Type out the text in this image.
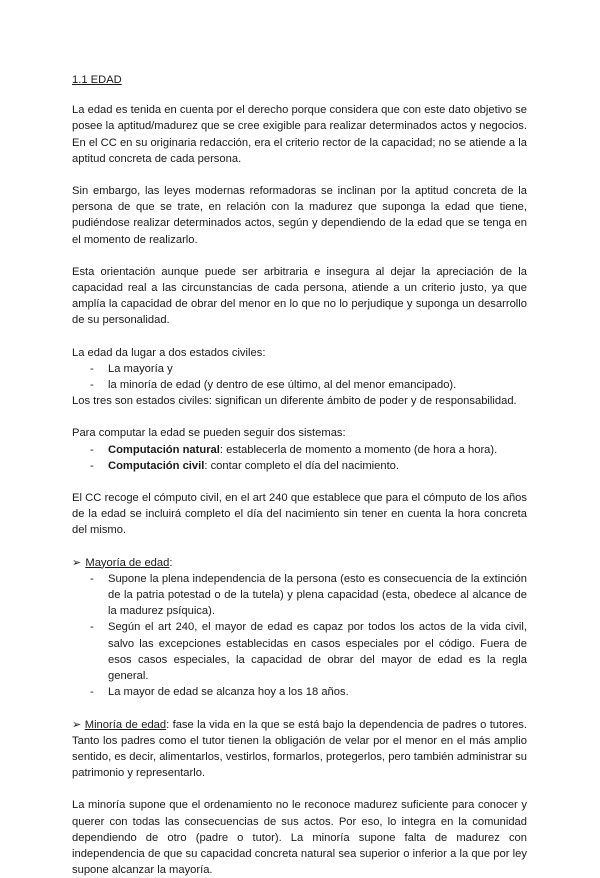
1.1 EDAD

La edad es tenida en cuenta por el derecho porque considera que con este dato objetivo se posee la aptitud/madurez que se cree exigible para realizar determinados actos y negocios. En el CC en su originaria redacción, era el criterio rector de la capacidad; no se atiende a la aptitud concreta de cada persona.

Sin embargo, las leyes modernas reformadoras se inclinan por la aptitud concreta de la persona de que se trate, en relación con la madurez que suponga la edad que tiene, pudiéndose realizar determinados actos, según y dependiendo de la edad que se tenga en el momento de realizarlo.

Esta orientación aunque puede ser arbitraria e insegura al dejar la apreciación de la capacidad real a las circunstancias de cada persona, atiende a un criterio justo, ya que amplía la capacidad de obrar del menor en lo que no lo perjudique y suponga un desarrollo de su personalidad.

La edad da lugar a dos estados civiles:
- La mayoría y
- la minoría de edad (y dentro de ese último, al del menor emancipado).
Los tres son estados civiles: significan un diferente ámbito de poder y de responsabilidad.
Para computar la edad se pueden seguir dos sistemas:
- Computación natural: establecerla de momento a momento (de hora a hora).
- Computación civil: contar completo el día del nacimiento.

El CC recoge el cómputo civil, en el art 240 que establece que para el cómputo de los años de la edad se incluirá completo el día del nacimiento sin tener en cuenta la hora concreta del mismo.

➢ Mayoría de edad :
- Supone la plena independencia de la persona (esto es consecuencia de la extinción de la patria potestad o de la tutela) y plena capacidad (esta, obedece al alcance de la madurez psíquica).
- Según el art 240, el mayor de edad es capaz por todos los actos de la vida civil, salvo las excepciones establecidas en casos especiales por el código. Fuera de esos casos especiales, la capacidad de obrar del mayor de edad es la regla general.
- La mayor de edad se alcanza hoy a los 18 años.

➢ Minoría de edad: fase la vida en la que se está bajo la dependencia de padres o tutores. Tanto los padres como el tutor tienen la obligación de velar por el menor en el más amplio sentido, es decir, alimentarlos, vestirlos, formarlos, protegerlos, pero también administrar su patrimonio y representarlo.

La minoría supone que el ordenamiento no le reconoce madurez suficiente para conocer y querer con todas las consecuencias de sus actos. Por eso, lo integra en la comunidad dependiendo de otro (padre o tutor). La minoría supone falta de madurez con independencia de que su capacidad concreta natural sea superior o inferior a la que por ley supone alcanzar la mayoría.
